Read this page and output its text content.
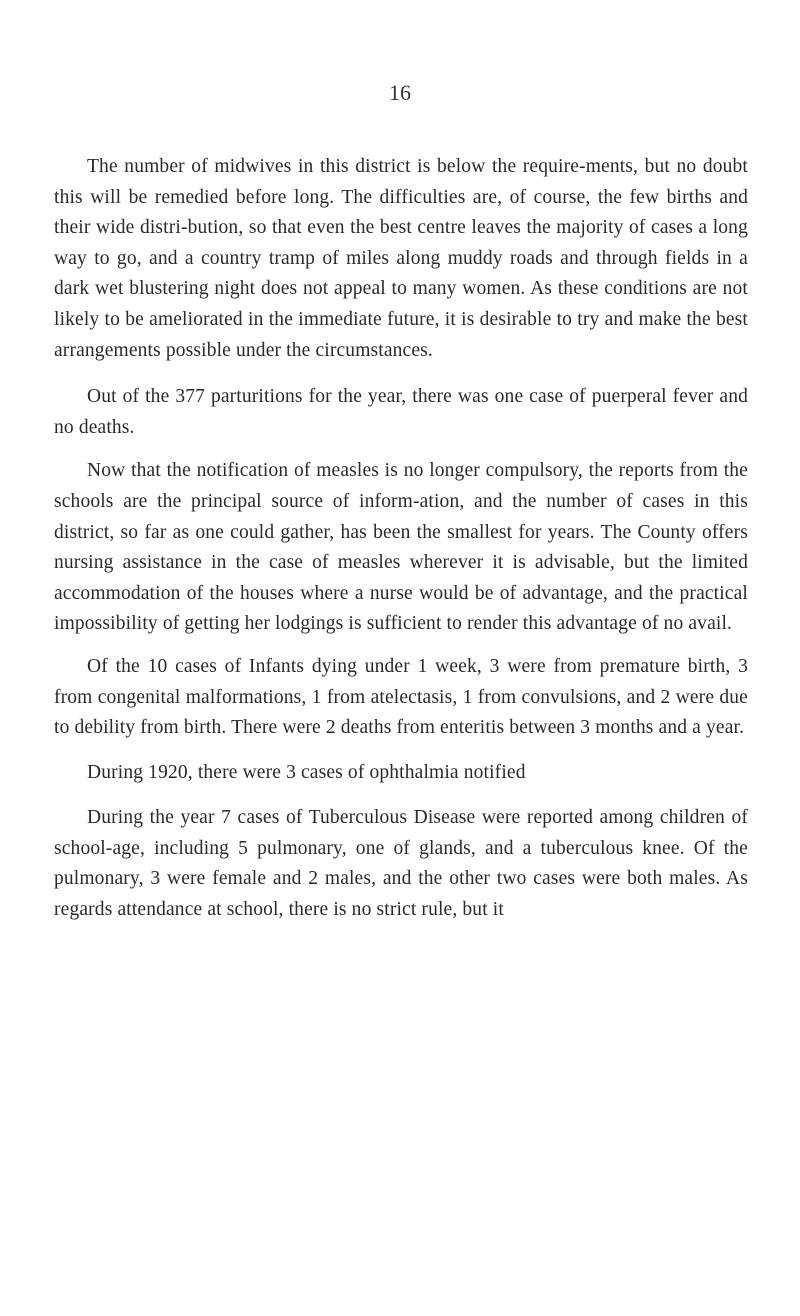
16

The number of midwives in this district is below the require-ments, but no doubt this will be remedied before long. The difficulties are, of course, the few births and their wide distri-bution, so that even the best centre leaves the majority of cases a long way to go, and a country tramp of miles along muddy roads and through fields in a dark wet blustering night does not appeal to many women. As these conditions are not likely to be ameliorated in the immediate future, it is desirable to try and make the best arrangements possible under the circumstances.

Out of the 377 parturitions for the year, there was one case of puerperal fever and no deaths.

Now that the notification of measles is no longer compulsory, the reports from the schools are the principal source of inform-ation, and the number of cases in this district, so far as one could gather, has been the smallest for years. The County offers nursing assistance in the case of measles wherever it is advisable, but the limited accommodation of the houses where a nurse would be of advantage, and the practical impossibility of getting her lodgings is sufficient to render this advantage of no avail.

Of the 10 cases of Infants dying under 1 week, 3 were from premature birth, 3 from congenital malformations, 1 from atelectasis, 1 from convulsions, and 2 were due to debility from birth. There were 2 deaths from enteritis between 3 months and a year.

During 1920, there were 3 cases of ophthalmia notified

During the year 7 cases of Tuberculous Disease were reported among children of school-age, including 5 pulmonary, one of glands, and a tuberculous knee. Of the pulmonary, 3 were female and 2 males, and the other two cases were both males. As regards attendance at school, there is no strict rule, but it
